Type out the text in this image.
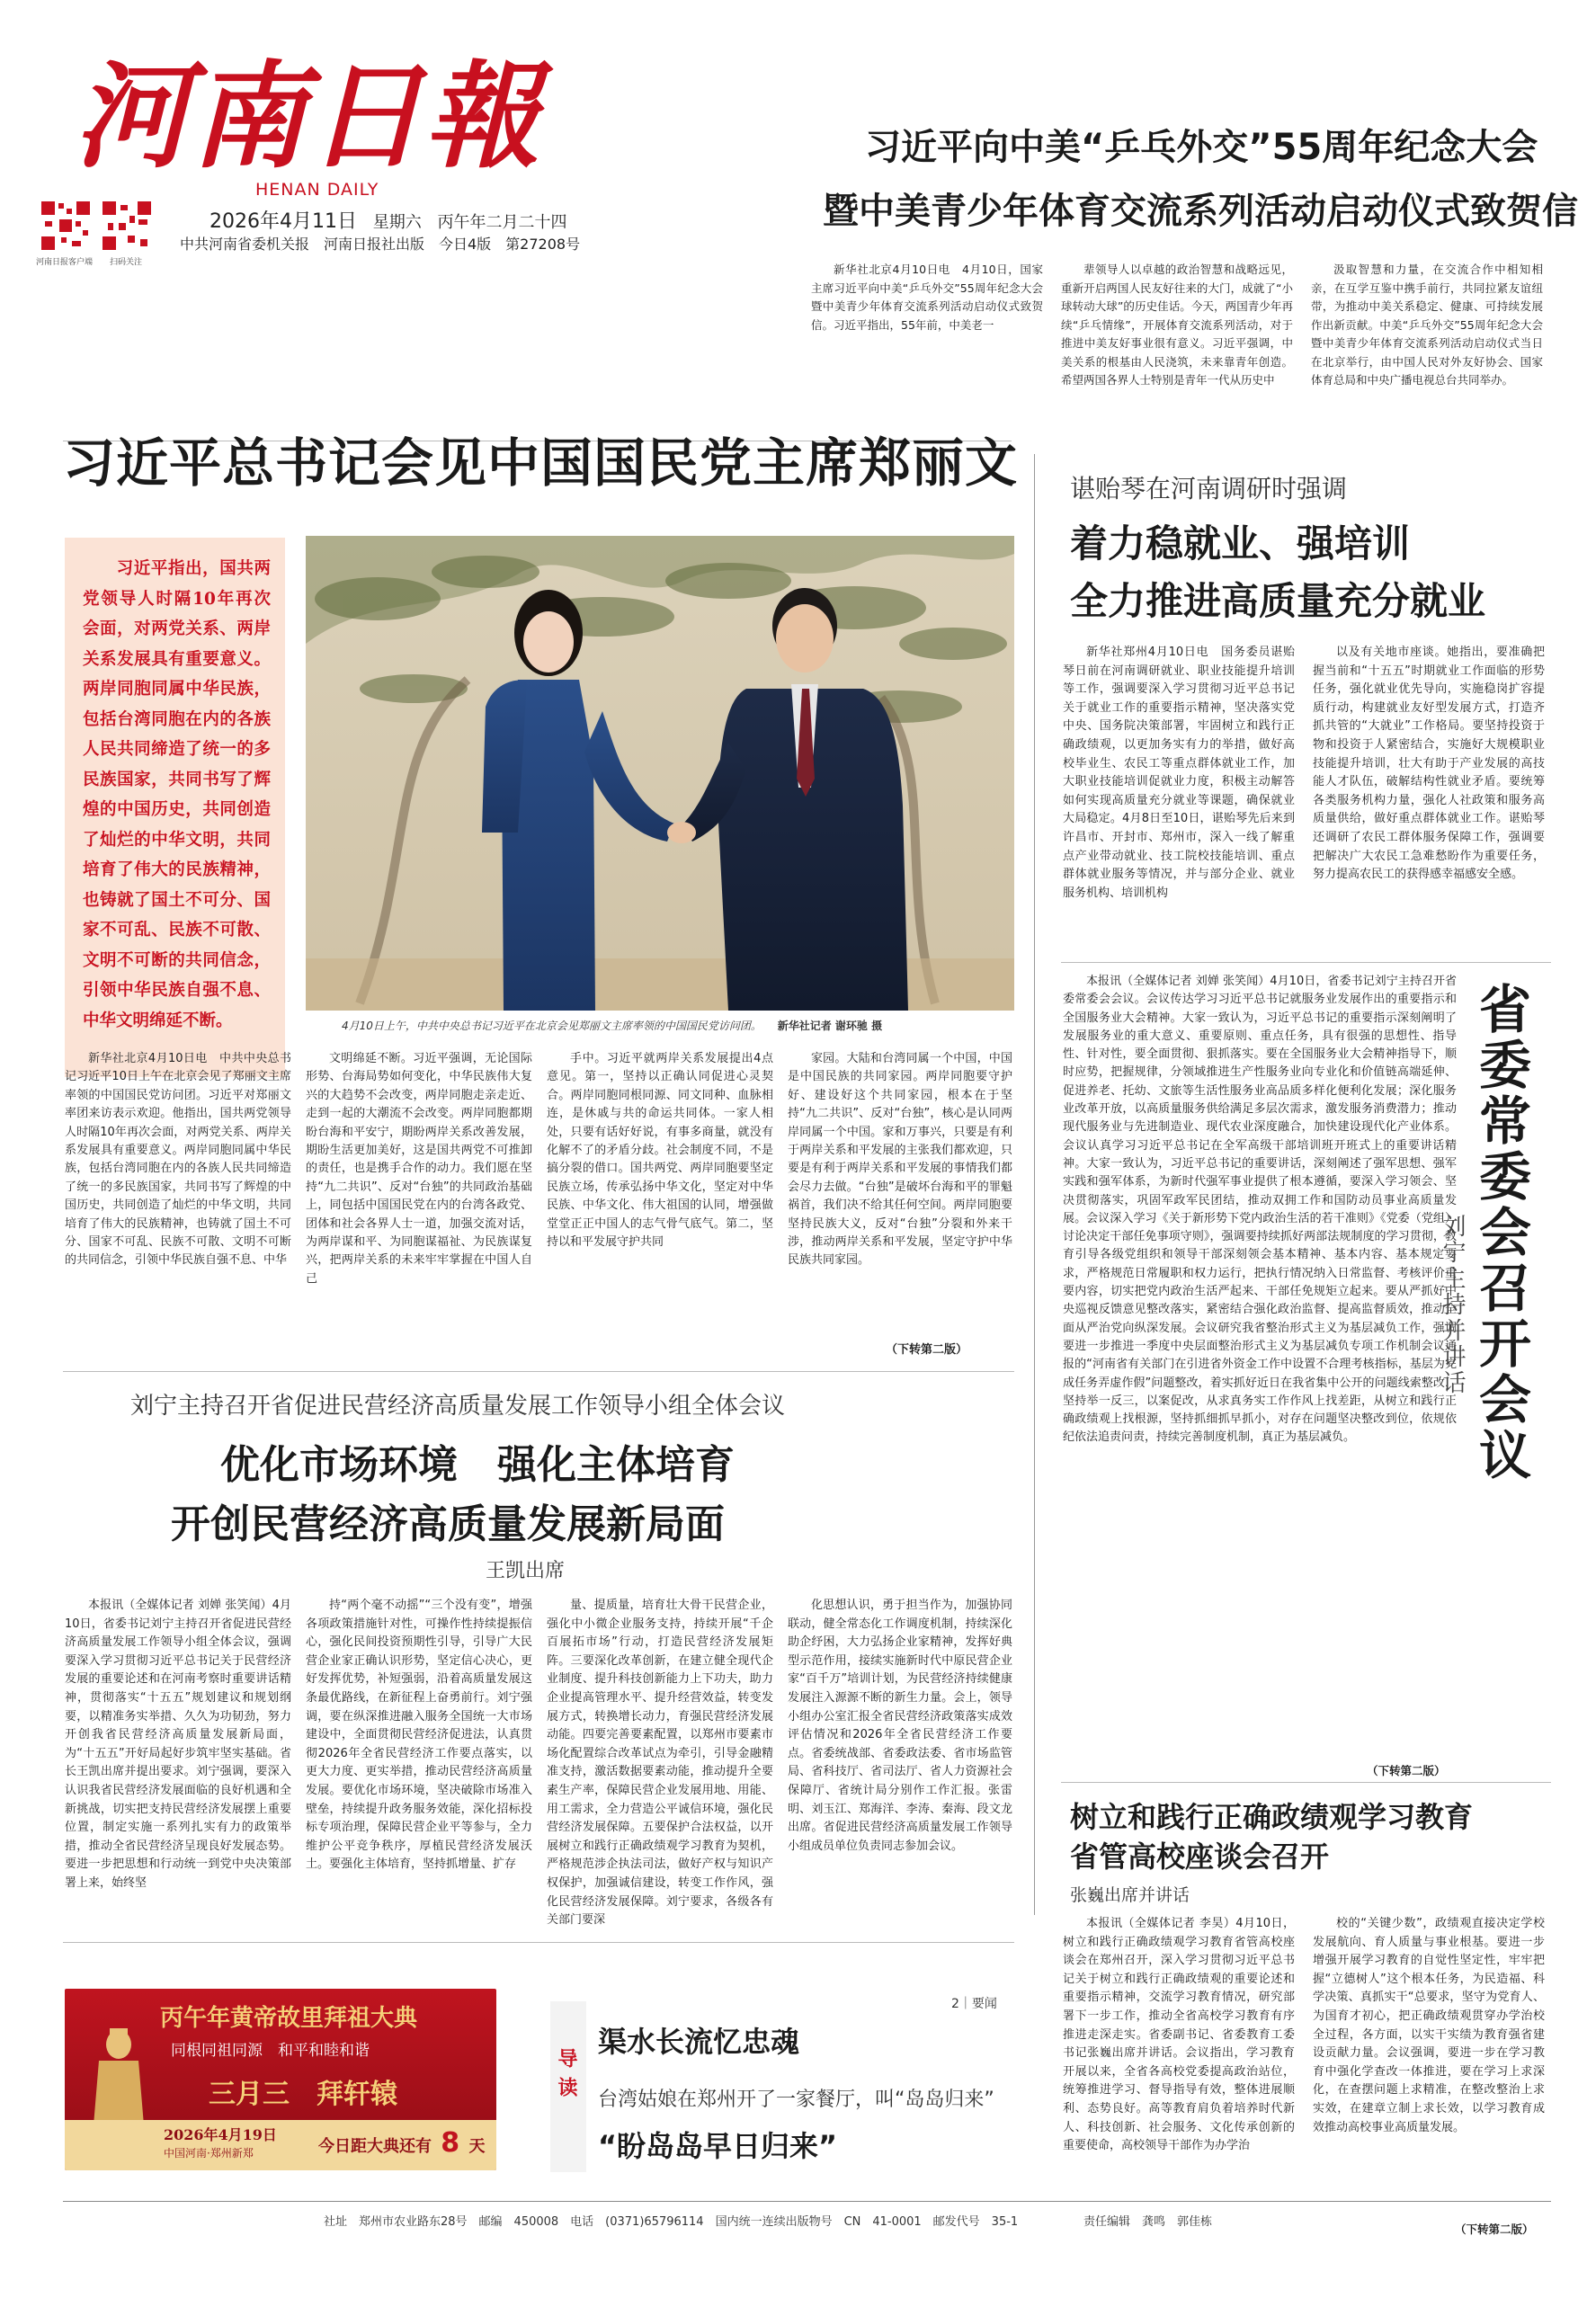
河南日報
HENAN DAILY
河南日报客户端 扫码关注
2026年4月11日 星期六 丙午年二月二十四
中共河南省委机关报　河南日报社出版　今日4版　第27208号
习近平向中美“乒乓外交”55周年纪念大会
暨中美青少年体育交流系列活动启动仪式致贺信

新华社北京4月10日电　4月10日，国家主席习近平向中美“乒乓外交”55周年纪念大会暨中美青少年体育交流系列活动启动仪式致贺信。习近平指出，55年前，中美老一

辈领导人以卓越的政治智慧和战略远见，重新开启两国人民友好往来的大门，成就了“小球转动大球”的历史佳话。今天，两国青少年再续“乒乓情缘”，开展体育交流系列活动，对于推进中美友好事业很有意义。习近平强调，中美关系的根基由人民浇筑，未来靠青年创造。希望两国各界人士特别是青年一代从历史中

汲取智慧和力量，在交流合作中相知相亲，在互学互鉴中携手前行，共同拉紧友谊纽带，为推动中美关系稳定、健康、可持续发展作出新贡献。中美“乒乓外交”55周年纪念大会暨中美青少年体育交流系列活动启动仪式当日在北京举行，由中国人民对外友好协会、国家体育总局和中央广播电视总台共同举办。

习近平总书记会见中国国民党主席郑丽文
习近平指出，国共两党领导人时隔10年再次会面，对两党关系、两岸关系发展具有重要意义。两岸同胞同属中华民族，包括台湾同胞在内的各族人民共同缔造了统一的多民族国家，共同书写了辉煌的中国历史，共同创造了灿烂的中华文明，共同培育了伟大的民族精神，也铸就了国土不可分、国家不可乱、民族不可散、文明不可断的共同信念，引领中华民族自强不息、中华文明绵延不断。	4月10日上午，中共中央总书记习近平在北京会见郑丽文主席率领的中国国民党访问团。 新华社记者 谢环驰 摄

新华社北京4月10日电　中共中央总书记习近平10日上午在北京会见了郑丽文主席率领的中国国民党访问团。习近平对郑丽文率团来访表示欢迎。他指出，国共两党领导人时隔10年再次会面，对两党关系、两岸关系发展具有重要意义。两岸同胞同属中华民族，包括台湾同胞在内的各族人民共同缔造了统一的多民族国家，共同书写了辉煌的中国历史，共同创造了灿烂的中华文明，共同培育了伟大的民族精神，也铸就了国土不可分、国家不可乱、民族不可散、文明不可断的共同信念，引领中华民族自强不息、中华

文明绵延不断。习近平强调，无论国际形势、台海局势如何变化，中华民族伟大复兴的大趋势不会改变，两岸同胞走亲走近、走到一起的大潮流不会改变。两岸同胞都期盼台海和平安宁，期盼两岸关系改善发展，期盼生活更加美好，这是国共两党不可推卸的责任，也是携手合作的动力。我们愿在坚持“九二共识”、反对“台独”的共同政治基础上，同包括中国国民党在内的台湾各政党、团体和社会各界人士一道，加强交流对话，为两岸谋和平、为同胞谋福祉、为民族谋复兴，把两岸关系的未来牢牢掌握在中国人自己

手中。习近平就两岸关系发展提出4点意见。第一，坚持以正确认同促进心灵契合。两岸同胞同根同源、同文同种、血脉相连，是休戚与共的命运共同体。一家人相处，只要有话好好说，有事多商量，就没有化解不了的矛盾分歧。社会制度不同，不是搞分裂的借口。国共两党、两岸同胞要坚定民族立场，传承弘扬中华文化，坚定对中华民族、中华文化、伟大祖国的认同，增强做堂堂正正中国人的志气骨气底气。第二，坚持以和平发展守护共同

家园。大陆和台湾同属一个中国，中国是中国民族的共同家园。两岸同胞要守护好、建设好这个共同家园，根本在于坚持“九二共识”、反对“台独”，核心是认同两岸同属一个中国。家和万事兴，只要是有利于两岸关系和平发展的主张我们都欢迎，只要是有利于两岸关系和平发展的事情我们都会尽力去做。“台独”是破坏台海和平的罪魁祸首，我们决不给其任何空间。两岸同胞要坚持民族大义，反对“台独”分裂和外来干涉，推动两岸关系和平发展，坚定守护中华民族共同家园。

（下转第二版）
谌贻琴在河南调研时强调
着力稳就业、强培训
全力推进高质量充分就业

新华社郑州4月10日电　国务委员谌贻琴日前在河南调研就业、职业技能提升培训等工作，强调要深入学习贯彻习近平总书记关于就业工作的重要指示精神，坚决落实党中央、国务院决策部署，牢固树立和践行正确政绩观，以更加务实有力的举措，做好高校毕业生、农民工等重点群体就业工作，加大职业技能培训促就业力度，积极主动解答如何实现高质量充分就业等课题，确保就业大局稳定。4月8日至10日，谌贻琴先后来到许昌市、开封市、郑州市，深入一线了解重点产业带动就业、技工院校技能培训、重点群体就业服务等情况，并与部分企业、就业服务机构、培训机构

以及有关地市座谈。她指出，要准确把握当前和“十五五”时期就业工作面临的形势任务，强化就业优先导向，实施稳岗扩容提质行动，构建就业友好型发展方式，打造齐抓共管的“大就业”工作格局。要坚持投资于物和投资于人紧密结合，实施好大规模职业技能提升培训，壮大有助于产业发展的高技能人才队伍，破解结构性就业矛盾。要统筹各类服务机构力量，强化人社政策和服务高质量供给，做好重点群体就业工作。谌贻琴还调研了农民工群体服务保障工作，强调要把解决广大农民工急难愁盼作为重要任务，努力提高农民工的获得感幸福感安全感。

本报讯（全媒体记者 刘婵 张笑闻）4月10日，省委书记刘宁主持召开省委常委会会议。会议传达学习习近平总书记就服务业发展作出的重要指示和全国服务业大会精神。大家一致认为，习近平总书记的重要指示深刻阐明了发展服务业的重大意义、重要原则、重点任务，具有很强的思想性、指导性、针对性，要全面贯彻、狠抓落实。要在全国服务业大会精神指导下，顺时应势，把握规律，分领域推进生产性服务业向专业化和价值链高端延伸、促进养老、托幼、文旅等生活性服务业高品质多样化便利化发展；深化服务业改革开放，以高质量服务供给满足多层次需求，激发服务消费潜力；推动现代服务业与先进制造业、现代农业深度融合，加快建设现代化产业体系。会议认真学习习近平总书记在全军高级干部培训班开班式上的重要讲话精神。大家一致认为，习近平总书记的重要讲话，深刻阐述了强军思想、强军实践和强军体系，为新时代强军事业提供了根本遵循，要深入学习领会、坚决贯彻落实，巩固军政军民团结，推动双拥工作和国防动员事业高质量发展。会议深入学习《关于新形势下党内政治生活的若干准则》《党委（党组）讨论决定干部任免事项守则》，强调要持续抓好两部法规制度的学习贯彻，教育引导各级党组织和领导干部深刻领会基本精神、基本内容、基本规定要求，严格规范日常履职和权力运行，把执行情况纳入日常监督、考核评价重要内容，切实把党内政治生活严起来、干部任免规矩立起来。要从严抓好中央巡视反馈意见整改落实，紧密结合强化政治监督、提高监督质效，推动全面从严治党向纵深发展。会议研究我省整治形式主义为基层减负工作，强调要进一步推进一季度中央层面整治形式主义为基层减负专项工作机制会议通报的“河南省有关部门在引进省外资金工作中设置不合理考核指标，基层为完成任务弄虚作假”问题整改，着实抓好近日在我省集中公开的问题线索整改，坚持举一反三，以案促改，从求真务实工作作风上找差距，从树立和践行正确政绩观上找根源，坚持抓细抓早抓小，对存在问题坚决整改到位，依规依纪依法追责问责，持续完善制度机制，真正为基层减负。

（下转第二版）
省委常委会召开会议
刘宁主持并讲话
刘宁主持召开省促进民营经济高质量发展工作领导小组全体会议
优化市场环境　强化主体培育
开创民营经济高质量发展新局面
王凯出席

本报讯（全媒体记者 刘婵 张笑闻）4月10日，省委书记刘宁主持召开省促进民营经济高质量发展工作领导小组全体会议，强调要深入学习贯彻习近平总书记关于民营经济发展的重要论述和在河南考察时重要讲话精神，贯彻落实“十五五”规划建议和规划纲要，以精准务实举措、久久为功韧劲，努力开创我省民营经济高质量发展新局面，为“十五五”开好局起好步筑牢坚实基础。省长王凯出席并提出要求。刘宁强调，要深入认识我省民营经济发展面临的良好机遇和全新挑战，切实把支持民营经济发展摆上重要位置，制定实施一系列扎实有力的政策举措，推动全省民营经济呈现良好发展态势。要进一步把思想和行动统一到党中央决策部署上来，始终坚

持“两个毫不动摇”“三个没有变”，增强各项政策措施针对性，可操作性持续提振信心，强化民间投资预期性引导，引导广大民营企业家正确认识形势，坚定信心决心，更好发挥优势，补短强弱，沿着高质量发展这条最优路线，在新征程上奋勇前行。刘宁强调，要在纵深推进融入服务全国统一大市场建设中，全面贯彻民营经济促进法，认真贯彻2026年全省民营经济工作要点落实，以更大力度、更实举措，推动民营经济高质量发展。要优化市场环境，坚决破除市场准入壁垒，持续提升政务服务效能，深化招标投标专项治理，保障民营企业平等参与，全力维护公平竞争秩序，厚植民营经济发展沃土。要强化主体培育，坚持抓增量、扩存

量、提质量，培育壮大骨干民营企业，强化中小微企业服务支持，持续开展“千企百展拓市场”行动，打造民营经济发展矩阵。三要深化改革创新，在建立健全现代企业制度、提升科技创新能力上下功夫，助力企业提高管理水平、提升经营效益，转变发展方式，转换增长动力，育强民营经济发展动能。四要完善要素配置，以郑州市要素市场化配置综合改革试点为牵引，引导金融精准支持，激活数据要素动能，推动提升全要素生产率，保障民营企业发展用地、用能、用工需求，全力营造公平诚信环境，强化民营经济发展保障。五要保护合法权益，以开展树立和践行正确政绩观学习教育为契机，严格规范涉企执法司法，做好产权与知识产权保护，加强诚信建设，转变工作作风，强化民营经济发展保障。刘宁要求，各级各有关部门要深

化思想认识，勇于担当作为，加强协同联动，健全常态化工作调度机制，持续深化助企纾困，大力弘扬企业家精神，发挥好典型示范作用，接续实施新时代中原民营企业家“百千万”培训计划，为民营经济持续健康发展注入源源不断的新生力量。会上，领导小组办公室汇报全省民营经济政策落实成效评估情况和2026年全省民营经济工作要点。省委统战部、省委政法委、省市场监管局、省科技厅、省司法厅、省人力资源社会保障厅、省统计局分别作工作汇报。张雷明、刘玉江、郑海洋、李涛、秦海、段文龙出席。省促进民营经济高质量发展工作领导小组成员单位负责同志参加会议。

树立和践行正确政绩观学习教育
省管高校座谈会召开
张巍出席并讲话

本报讯（全媒体记者 李昊）4月10日，树立和践行正确政绩观学习教育省管高校座谈会在郑州召开，深入学习贯彻习近平总书记关于树立和践行正确政绩观的重要论述和重要指示精神，交流学习教育情况，研究部署下一步工作，推动全省高校学习教育有序推进走深走实。省委副书记、省委教育工委书记张巍出席并讲话。会议指出，学习教育开展以来，全省各高校党委提高政治站位，统筹推进学习、督导指导有效，整体进展顺利、态势良好。高等教育肩负着培养时代新人、科技创新、社会服务、文化传承创新的重要使命，高校领导干部作为办学治

校的“关键少数”，政绩观直接决定学校发展航向、育人质量与事业根基。要进一步增强开展学习教育的自觉性坚定性，牢牢把握“立德树人”这个根本任务，为民造福、科学决策、真抓实干“总要求，坚守为党育人、为国育才初心，把正确政绩观贯穿办学治校全过程，各方面，以实干实绩为教育强省建设贡献力量。会议强调，要进一步在学习教育中强化学查改一体推进，要在学习上求深化，在查摆问题上求精准，在整改整治上求实效，在建章立制上求长效，以学习教育成效推动高校事业高质量发展。

（下转第二版）
丙午年黄帝故里拜祖大典
同根同祖同源　和平和睦和谐
三月三　拜轩辕
2026年4月19日
中国河南·郑州新郑	今日距大典还有 8 天
导读
2｜要闻
渠水长流忆忠魂
台湾姑娘在郑州开了一家餐厅，叫“岛岛归来”
“盼岛岛早日归来”
社址　郑州市农业路东28号　邮编　450008　电话　(0371)65796114　国内统一连续出版物号　CN　41-0001　邮发代号　35-1	责任编辑　龚鸣　郭佳栋
